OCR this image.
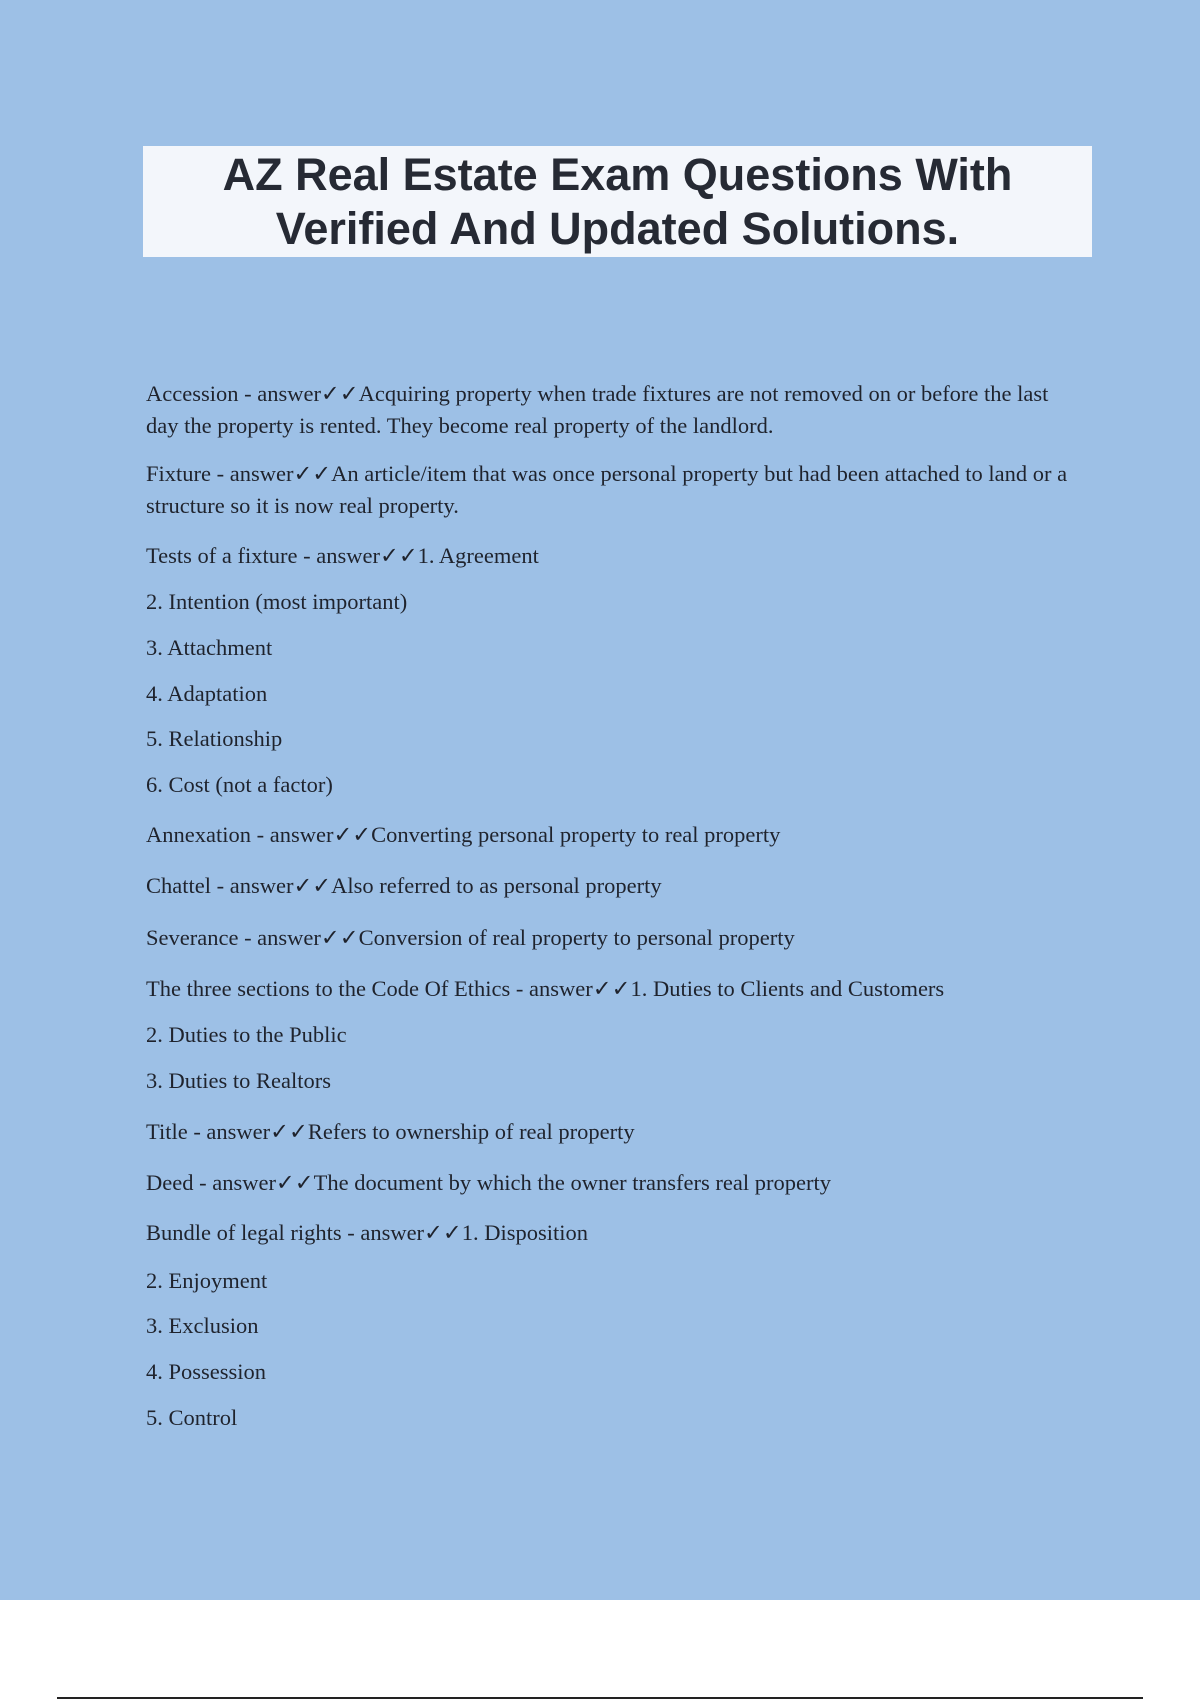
AZ Real Estate Exam Questions With
Verified And Updated Solutions.

Accession - answer✓✓Acquiring property when trade fixtures are not removed on or before the last day the property is rented. They become real property of the landlord.

Fixture - answer✓✓An article/item that was once personal property but had been attached to land or a structure so it is now real property.

Tests of a fixture - answer✓✓1. Agreement

2. Intention (most important)

3. Attachment

4. Adaptation

5. Relationship

6. Cost (not a factor)

Annexation - answer✓✓Converting personal property to real property

Chattel - answer✓✓Also referred to as personal property

Severance - answer✓✓Conversion of real property to personal property

The three sections to the Code Of Ethics - answer✓✓1. Duties to Clients and Customers

2. Duties to the Public

3. Duties to Realtors

Title - answer✓✓Refers to ownership of real property

Deed - answer✓✓The document by which the owner transfers real property

Bundle of legal rights - answer✓✓1. Disposition

2. Enjoyment

3. Exclusion

4. Possession

5. Control
